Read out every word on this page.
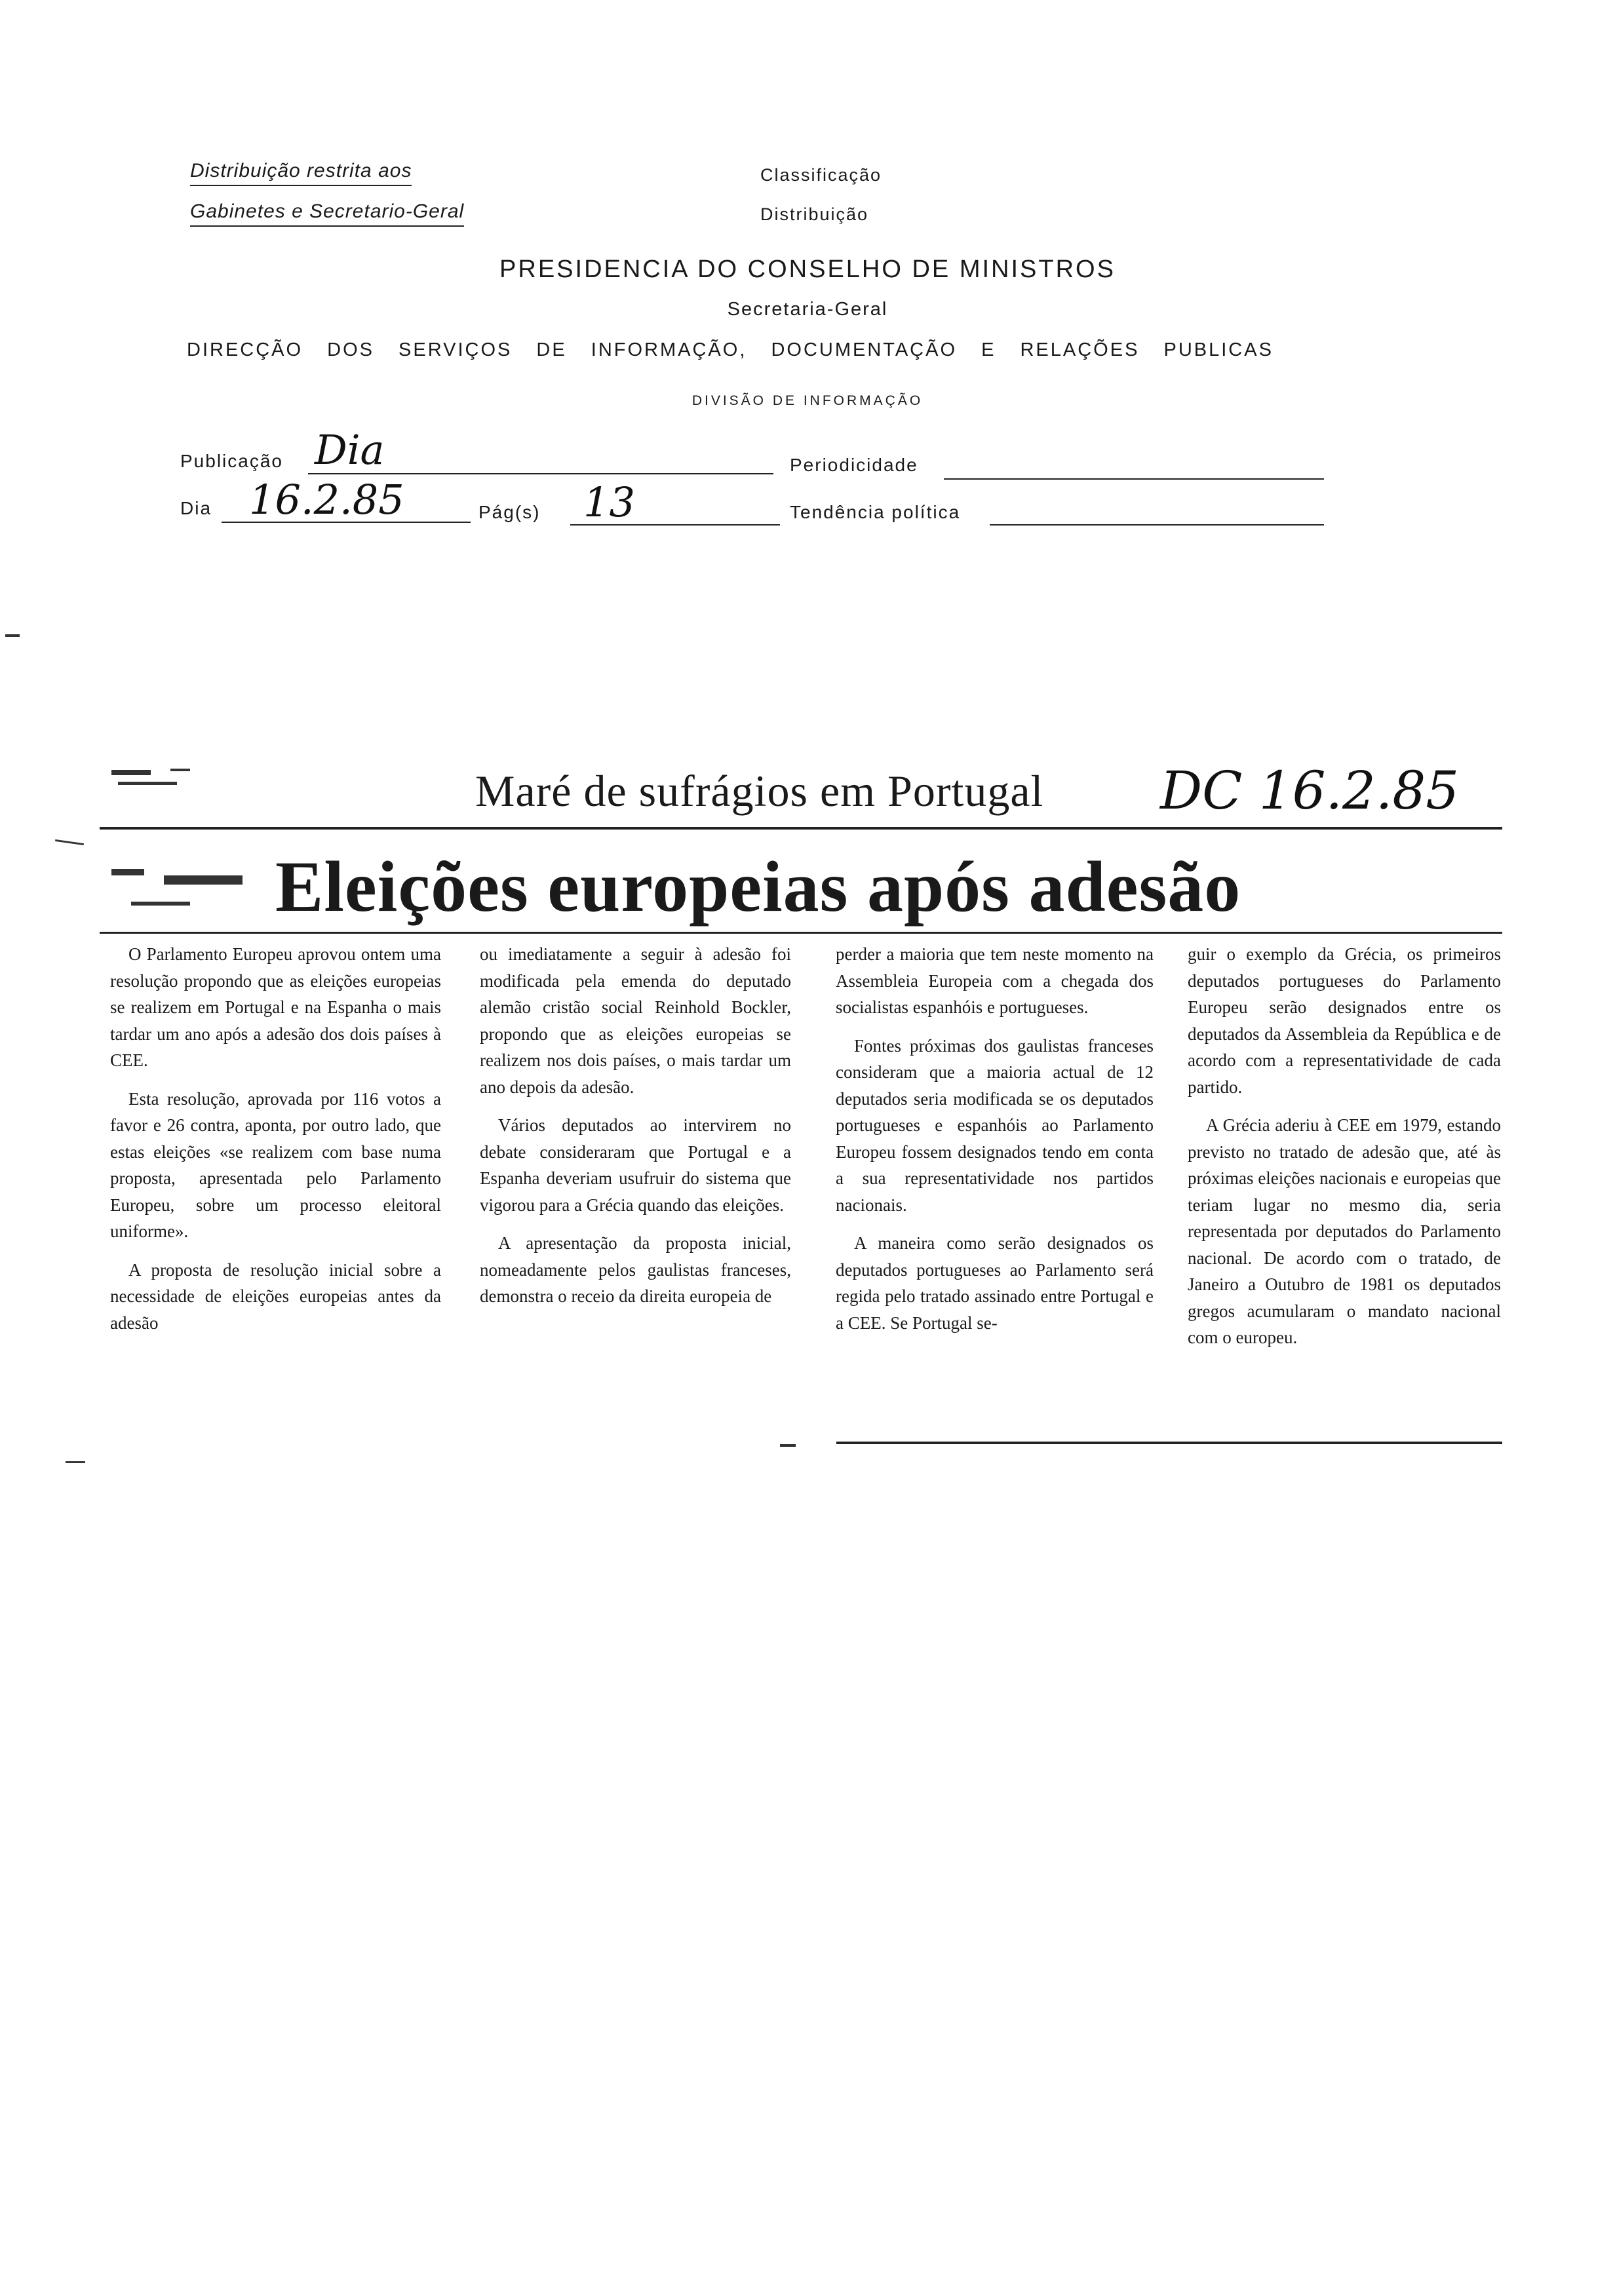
Distribuição restrita aos
Gabinetes e Secretario-Geral
Classificação
Distribuição
PRESIDENCIA DO CONSELHO DE MINISTROS
Secretaria-Geral
DIRECÇÃO DOS SERVIÇOS DE INFORMAÇÃO, DOCUMENTAÇÃO E RELAÇÕES PUBLICAS
DIVISÃO DE INFORMAÇÃO
Publicação Dia	Periodicidade
Dia 16.2.85	Pág(s) 13	Tendência política
Maré de sufrágios em Portugal DC 16.2.85
Eleições europeias após adesão

O Parlamento Europeu aprovou ontem uma resolução propondo que as eleições europeias se realizem em Portugal e na Espanha o mais tardar um ano após a adesão dos dois países à CEE.

Esta resolução, aprovada por 116 votos a favor e 26 contra, aponta, por outro lado, que estas eleições «se realizem com base numa proposta, apresentada pelo Parlamento Europeu, sobre um processo eleitoral uniforme».

A proposta de resolução inicial sobre a necessidade de eleições europeias antes da adesão

ou imediatamente a seguir à adesão foi modificada pela emenda do deputado alemão cristão social Reinhold Bockler, propondo que as eleições europeias se realizem nos dois países, o mais tardar um ano depois da adesão.

Vários deputados ao intervirem no debate consideraram que Portugal e a Espanha deveriam usufruir do sistema que vigorou para a Grécia quando das eleições.

A apresentação da proposta inicial, nomeadamente pelos gaulistas franceses, demonstra o receio da direita europeia de

perder a maioria que tem neste momento na Assembleia Europeia com a chegada dos socialistas espanhóis e portugueses.

Fontes próximas dos gaulistas franceses consideram que a maioria actual de 12 deputados seria modificada se os deputados portugueses e espanhóis ao Parlamento Europeu fossem designados tendo em conta a sua representatividade nos partidos nacionais.

A maneira como serão designados os deputados portugueses ao Parlamento será regida pelo tratado assinado entre Portugal e a CEE. Se Portugal se-

guir o exemplo da Grécia, os primeiros deputados portugueses do Parlamento Europeu serão designados entre os deputados da Assembleia da República e de acordo com a representatividade de cada partido.

A Grécia aderiu à CEE em 1979, estando previsto no tratado de adesão que, até às próximas eleições nacionais e europeias que teriam lugar no mesmo dia, seria representada por deputados do Parlamento nacional. De acordo com o tratado, de Janeiro a Outubro de 1981 os deputados gregos acumularam o mandato nacional com o europeu.
